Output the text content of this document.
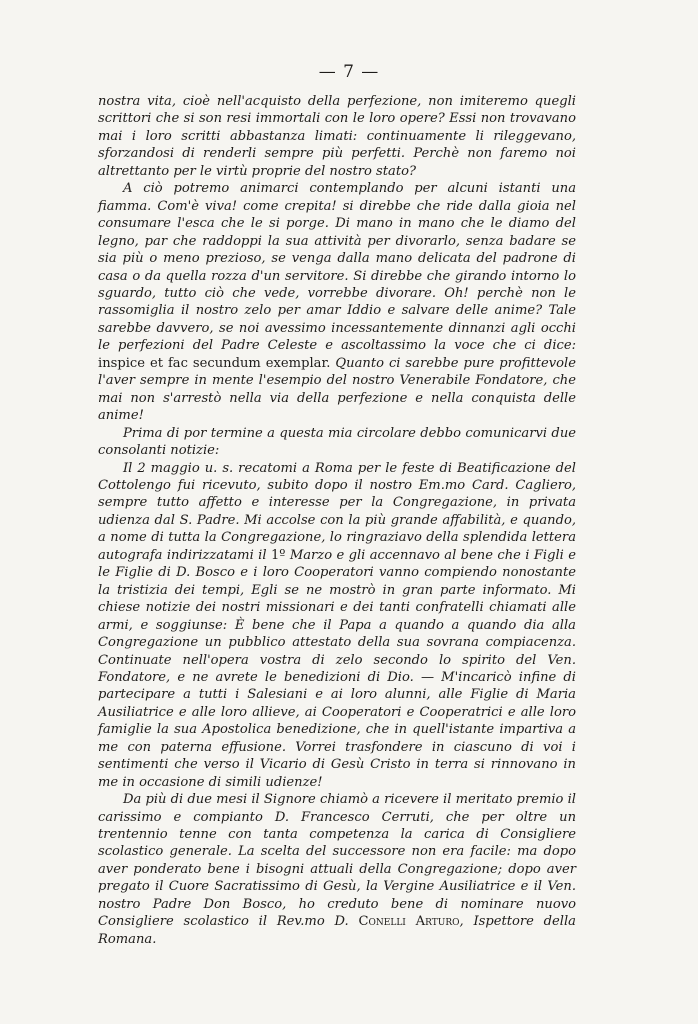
— 7 —

nostra vita, cioè nell'acquisto della perfezione, non imiteremo quegli scrittori che si son resi immortali con le loro opere? Essi non trovavano mai i loro scritti abbastanza limati: continuamente li rileggevano, sforzandosi di renderli sempre più perfetti. Perchè non faremo noi altrettanto per le virtù proprie del nostro stato?

A ciò potremo animarci contemplando per alcuni istanti una fiamma. Com'è viva! come crepita! si direbbe che ride dalla gioia nel consumare l'esca che le si porge. Di mano in mano che le diamo del legno, par che raddoppi la sua attività per divorarlo, senza badare se sia più o meno prezioso, se venga dalla mano delicata del padrone di casa o da quella rozza d'un servitore. Si direbbe che girando intorno lo sguardo, tutto ciò che vede, vorrebbe divorare. Oh! perchè non le rassomiglia il nostro zelo per amar Iddio e salvare delle anime? Tale sarebbe davvero, se noi avessimo incessantemente dinnanzi agli occhi le perfezioni del Padre Celeste e ascoltassimo la voce che ci dice: inspice et fac secundum exemplar. Quanto ci sarebbe pure profittevole l'aver sempre in mente l'esempio del nostro Venerabile Fondatore, che mai non s'arrestò nella via della perfezione e nella conquista delle anime!

Prima di por termine a questa mia circolare debbo comunicarvi due consolanti notizie:

Il 2 maggio u. s. recatomi a Roma per le feste di Beatificazione del Cottolengo fui ricevuto, subito dopo il nostro Em.mo Card. Cagliero, sempre tutto affetto e interesse per la Congregazione, in privata udienza dal S. Padre. Mi accolse con la più grande affabilità, e quando, a nome di tutta la Congregazione, lo ringraziavo della splendida lettera autografa indirizzatami il 1º Marzo e gli accennavo al bene che i Figli e le Figlie di D. Bosco e i loro Cooperatori vanno compiendo nonostante la tristizia dei tempi, Egli se ne mostrò in gran parte informato. Mi chiese notizie dei nostri missionari e dei tanti confratelli chiamati alle armi, e soggiunse: È bene che il Papa a quando a quando dia alla Congregazione un pubblico attestato della sua sovrana compiacenza. Continuate nell'opera vostra di zelo secondo lo spirito del Ven. Fondatore, e ne avrete le benedizioni di Dio. — M'incaricò infine di partecipare a tutti i Salesiani e ai loro alunni, alle Figlie di Maria Ausiliatrice e alle loro allieve, ai Cooperatori e Cooperatrici e alle loro famiglie la sua Apostolica benedizione, che in quell'istante impartiva a me con paterna effusione. Vorrei trasfondere in ciascuno di voi i sentimenti che verso il Vicario di Gesù Cristo in terra si rinnovano in me in occasione di simili udienze!

Da più di due mesi il Signore chiamò a ricevere il meritato premio il carissimo e compianto D. Francesco Cerruti, che per oltre un trentennio tenne con tanta competenza la carica di Consigliere scolastico generale. La scelta del successore non era facile: ma dopo aver ponderato bene i bisogni attuali della Congregazione; dopo aver pregato il Cuore Sacratissimo di Gesù, la Vergine Ausiliatrice e il Ven. nostro Padre Don Bosco, ho creduto bene di nominare nuovo Consigliere scolastico il Rev.mo D. Conelli Arturo, Ispettore della Romana.
